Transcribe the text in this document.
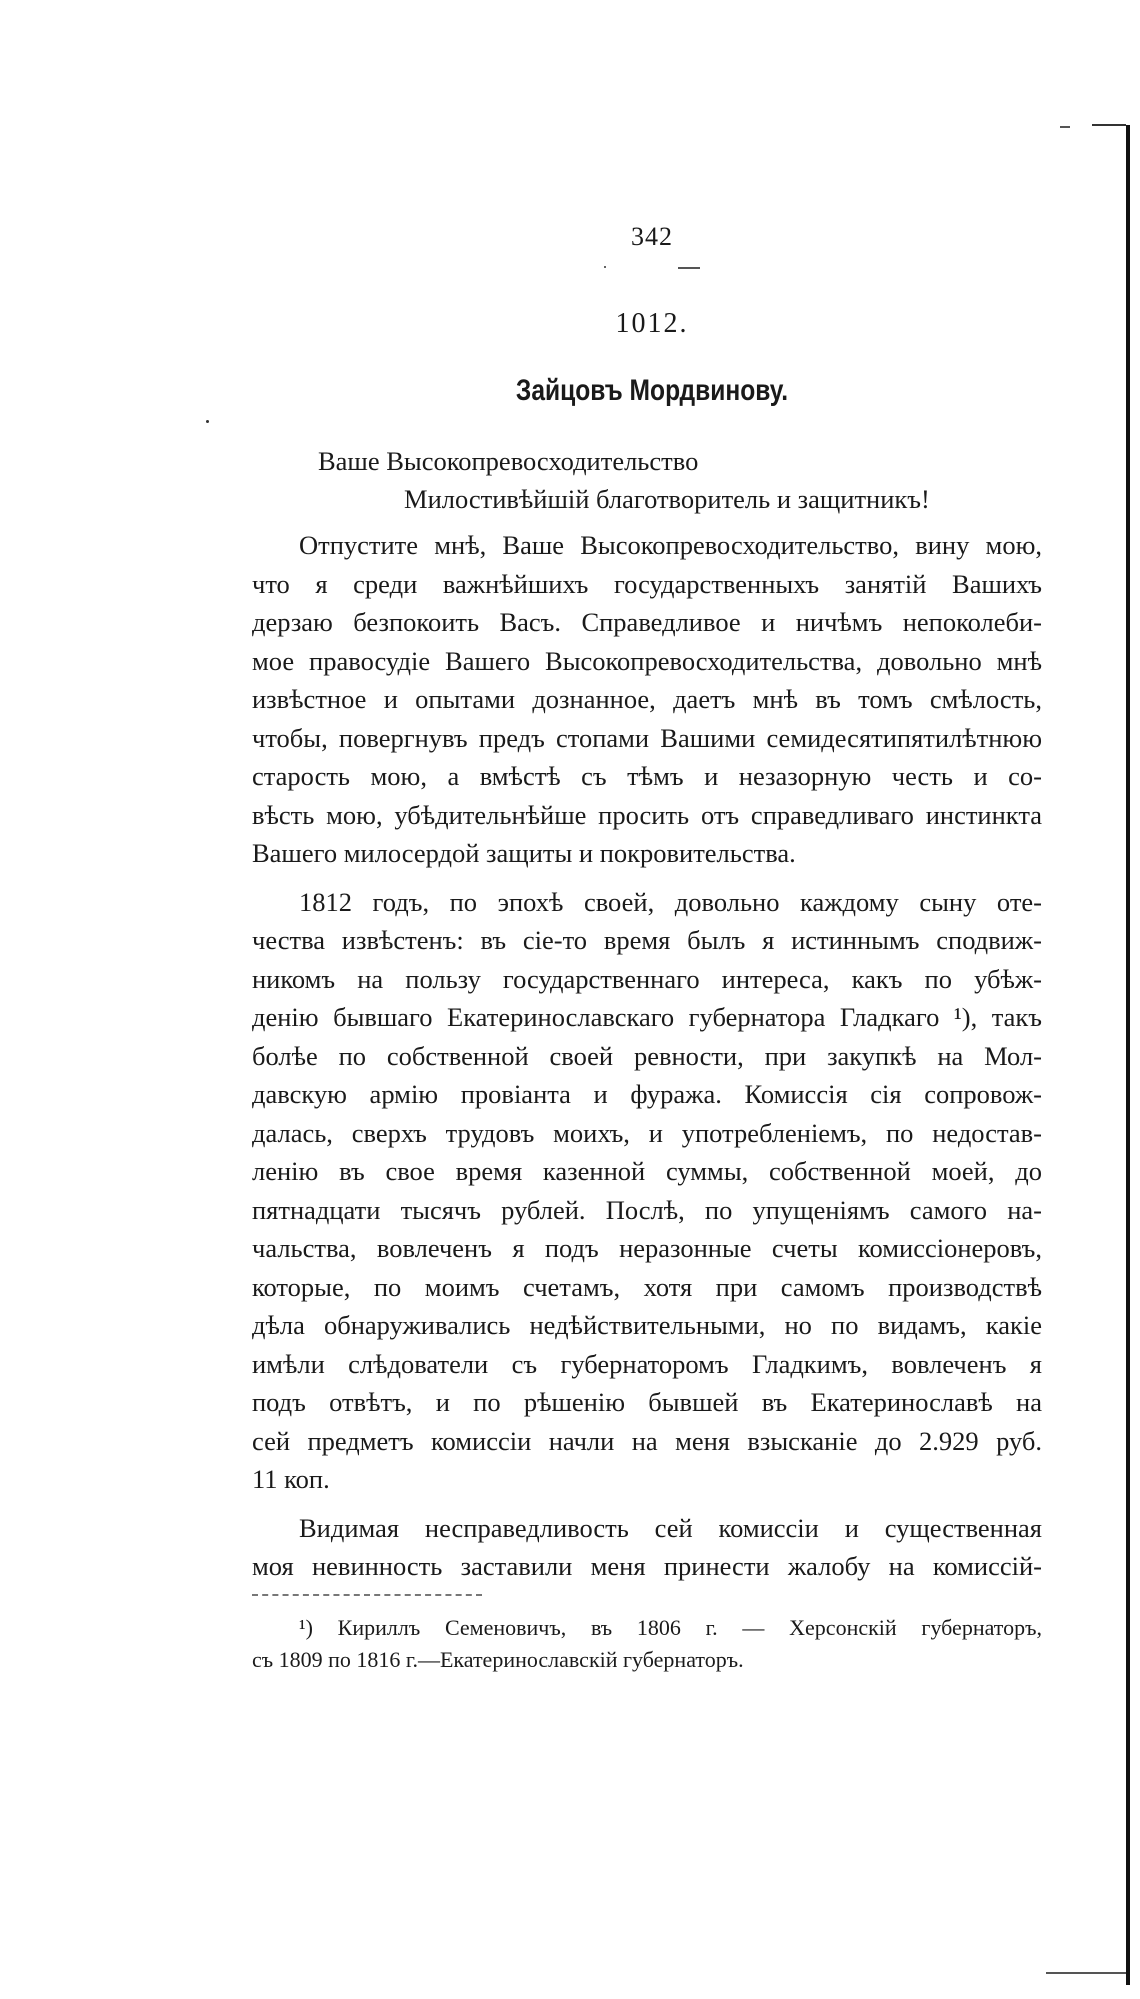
342
1012.
Зайцовъ Мордвинову.
Ваше Высокопревосходительство
Милостивѣйшій благотворитель и защитникъ!
Отпустите мнѣ, Ваше Высокопревосходительство, вину мою,
что я среди важнѣйшихъ государственныхъ занятій Вашихъ
дерзаю безпокоить Васъ. Справедливое и ничѣмъ непоколеби-
мое правосудіе Вашего Высокопревосходительства, довольно мнѣ
извѣстное и опытами дознанное, даетъ мнѣ въ томъ смѣлость,
чтобы, повергнувъ предъ стопами Вашими семидесятипятилѣтнюю
старость мою, а вмѣстѣ съ тѣмъ и незазорную честь и со-
вѣсть мою, убѣдительнѣйше просить отъ справедливаго инстинкта
Вашего милосердой защиты и покровительства.
1812 годъ, по эпохѣ своей, довольно каждому сыну оте-
чества извѣстенъ: въ сіе-то время былъ я истиннымъ сподвиж-
никомъ на пользу государственнаго интереса, какъ по убѣж-
денію бывшаго Екатеринославскаго губернатора Гладкаго ¹), такъ
болѣе по собственной своей ревности, при закупкѣ на Мол-
давскую армію провіанта и фуража. Комиссія сія сопровож-
далась, сверхъ трудовъ моихъ, и употребленіемъ, по недостав-
ленію въ свое время казенной суммы, собственной моей, до
пятнадцати тысячъ рублей. Послѣ, по упущеніямъ самого на-
чальства, вовлеченъ я подъ неразонные счеты комиссіонеровъ,
которые, по моимъ счетамъ, хотя при самомъ производствѣ
дѣла обнаруживались недѣйствительными, но по видамъ, какіе
имѣли слѣдователи съ губернаторомъ Гладкимъ, вовлеченъ я
подъ отвѣтъ, и по рѣшенію бывшей въ Екатеринославѣ на
сей предметъ комиссіи начли на меня взысканіе до 2.929 руб.
11 коп.
Видимая несправедливость сей комиссіи и существенная
моя невинность заставили меня принести жалобу на комиссій-
¹) Кириллъ Семеновичъ, въ 1806 г. — Херсонскій губернаторъ,
съ 1809 по 1816 г.—Екатеринославскій губернаторъ.
